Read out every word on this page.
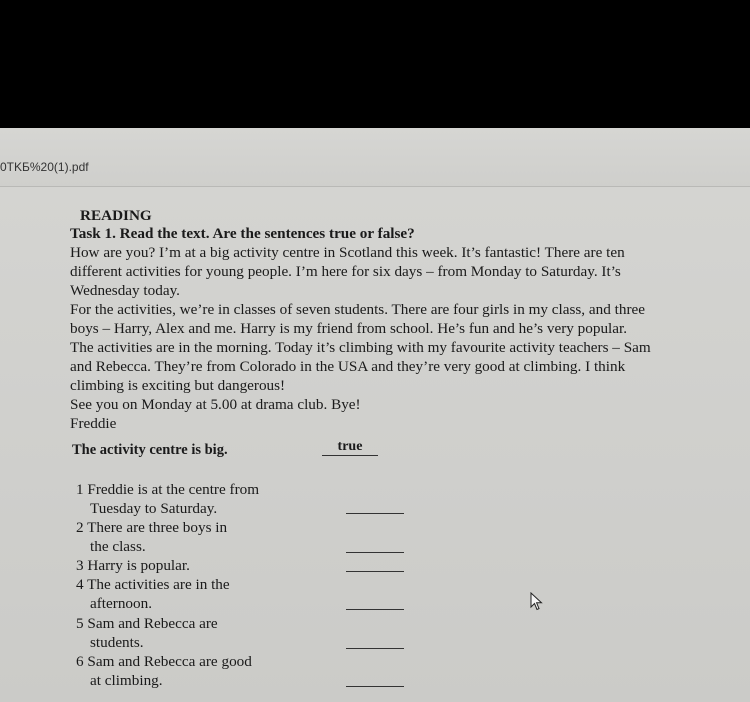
0TKБ%20(1).pdf
READING
Task 1. Read the text. Are the sentences true or false?
How are you? I’m at a big activity centre in Scotland this week. It’s fantastic! There are ten
different activities for young people. I’m here for six days – from Monday to Saturday. It’s
Wednesday today.
For the activities, we’re in classes of seven students. There are four girls in my class, and three
boys – Harry, Alex and me. Harry is my friend from school. He’s fun and he’s very popular.
The activities are in the morning. Today it’s climbing with my favourite activity teachers – Sam
and Rebecca. They’re from Colorado in the USA and they’re very good at climbing. I think
climbing is exciting but dangerous!
See you on Monday at 5.00 at drama club. Bye!
Freddie
The activity centre is big.	true
1 Freddie is at the centre from
Tuesday to Saturday.
2 There are three boys in
the class.
3 Harry is popular.
4 The activities are in the
afternoon.
5 Sam and Rebecca are
students.
6 Sam and Rebecca are good
at climbing.
